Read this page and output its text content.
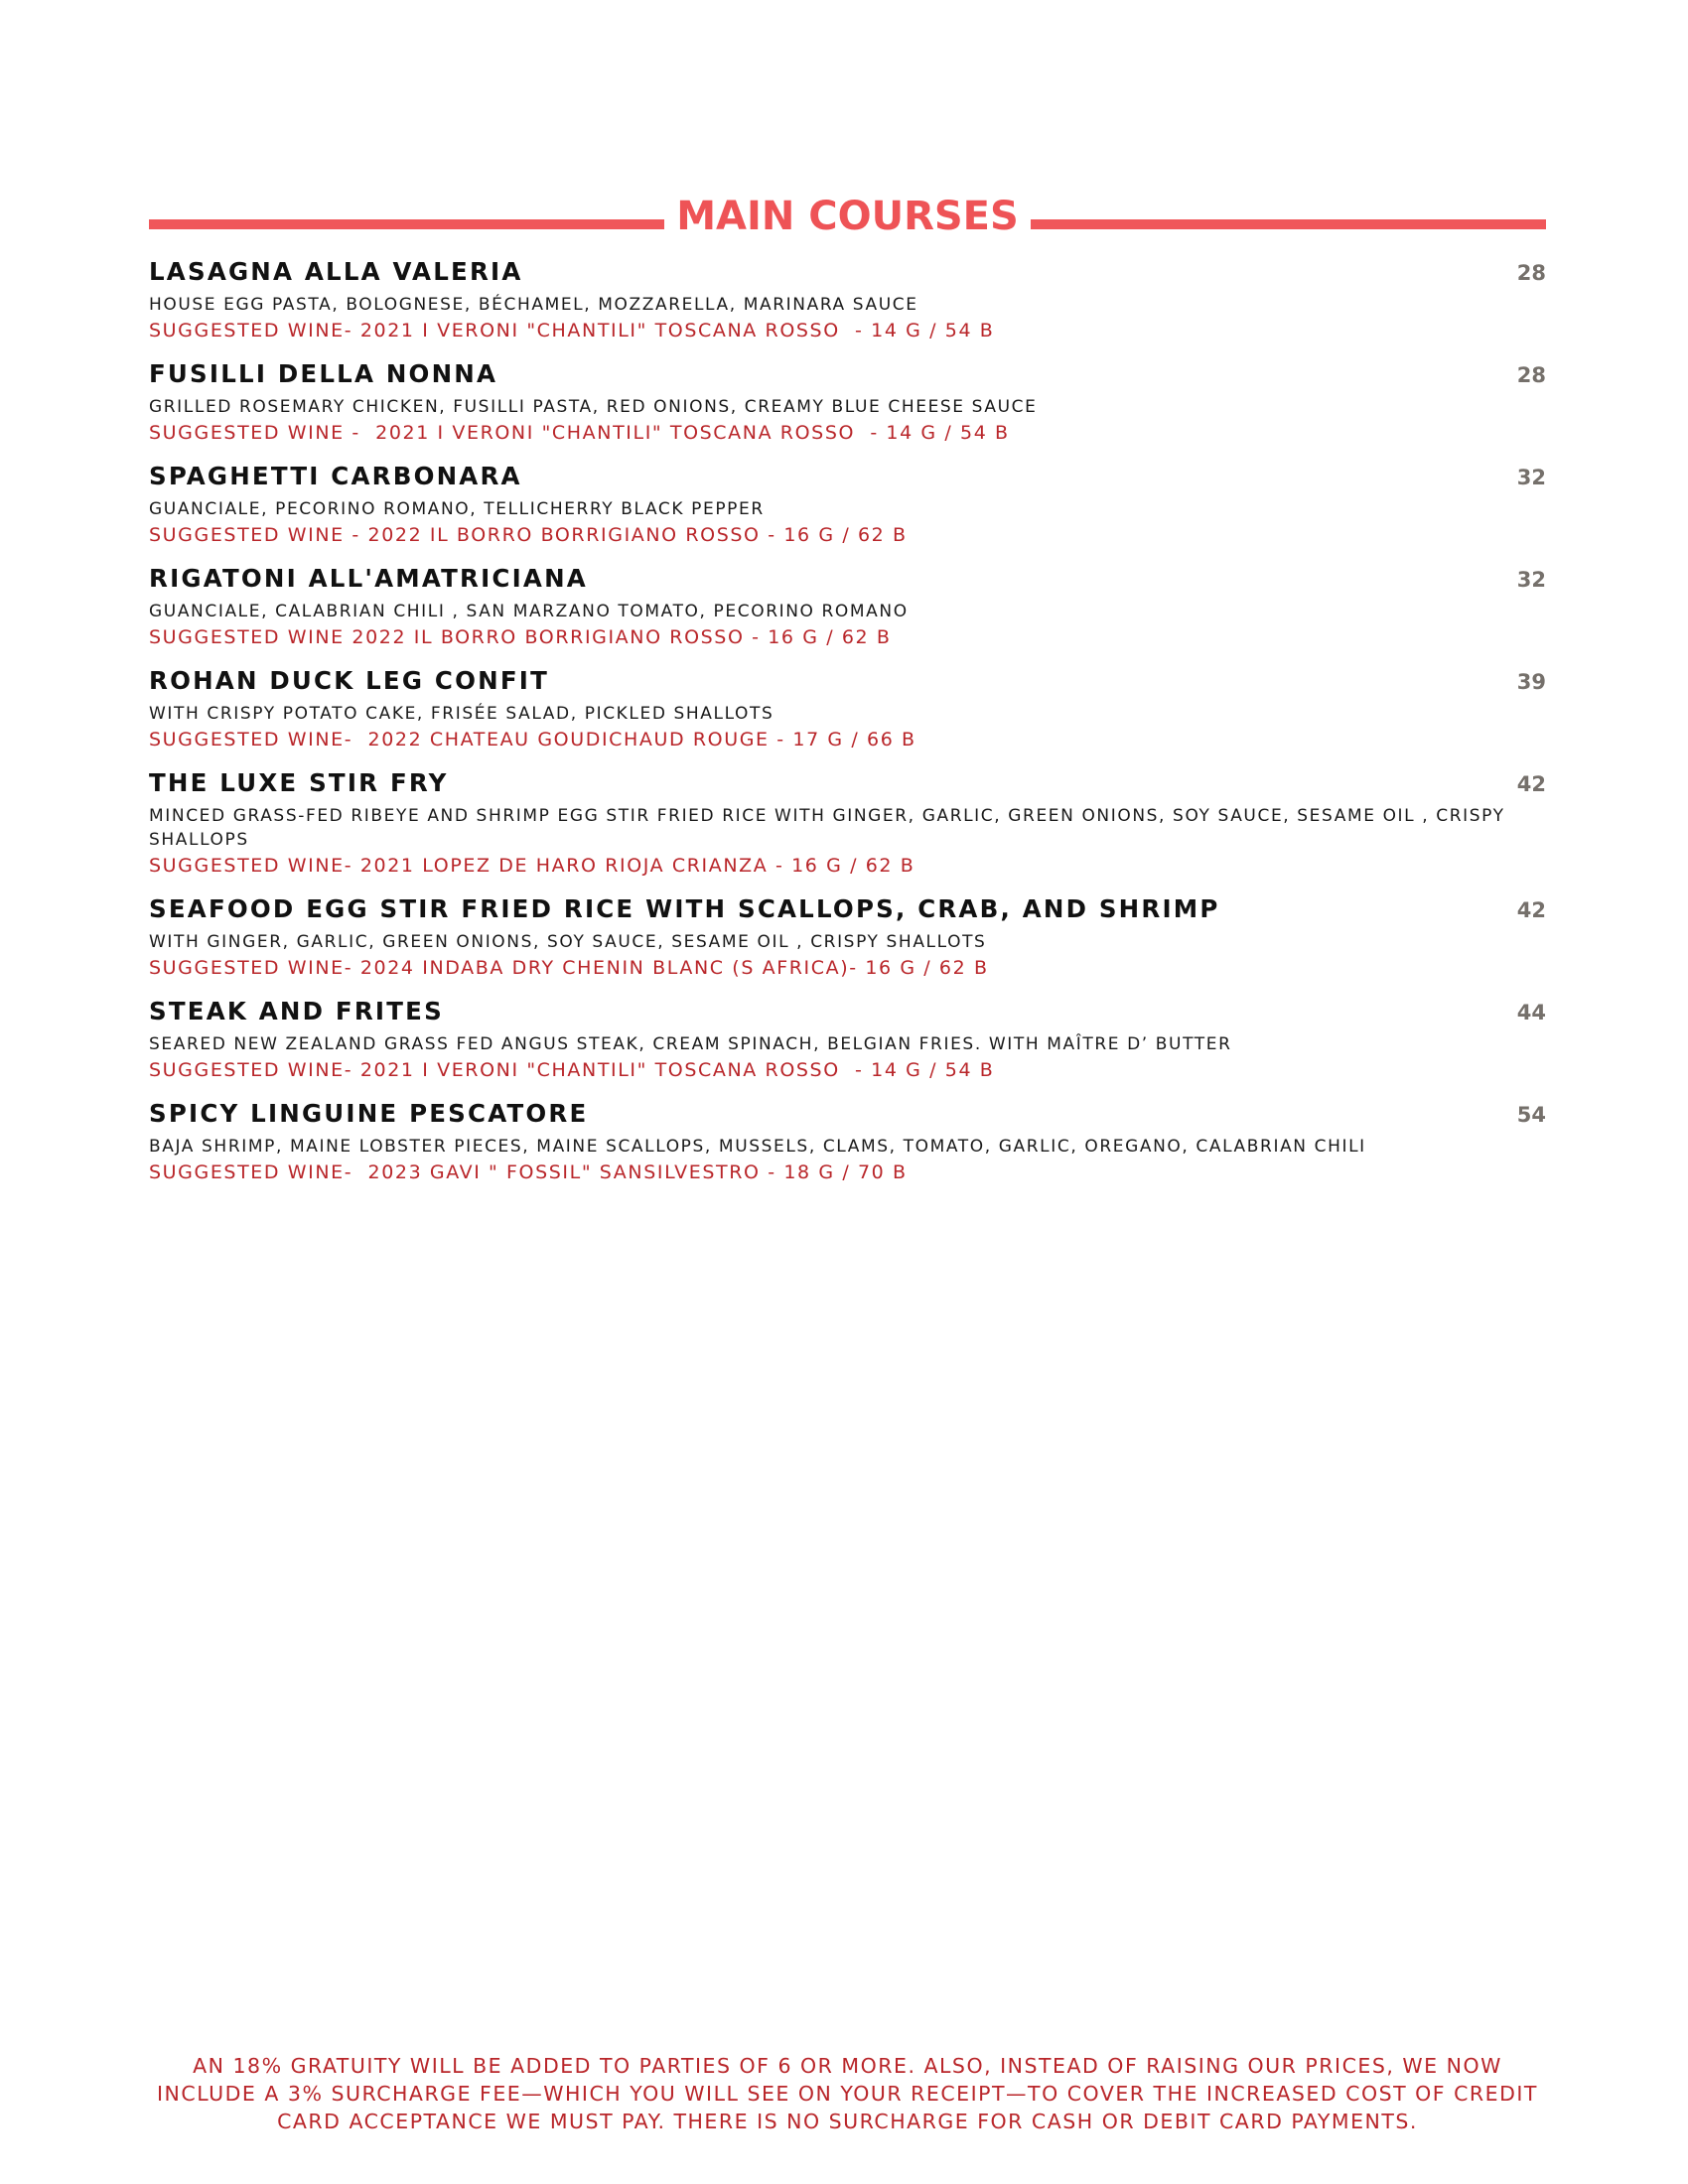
MAIN COURSES
LASAGNA ALLA VALERIA	28
HOUSE EGG PASTA, BOLOGNESE, BÉCHAMEL, MOZZARELLA, MARINARA SAUCE
SUGGESTED WINE- 2021 I VERONI "CHANTILI" TOSCANA ROSSO  - 14 G / 54 B
FUSILLI DELLA NONNA	28
GRILLED ROSEMARY CHICKEN, FUSILLI PASTA, RED ONIONS, CREAMY BLUE CHEESE SAUCE
SUGGESTED WINE -  2021 I VERONI "CHANTILI" TOSCANA ROSSO  - 14 G / 54 B
SPAGHETTI CARBONARA	32
GUANCIALE, PECORINO ROMANO, TELLICHERRY BLACK PEPPER
SUGGESTED WINE - 2022 IL BORRO BORRIGIANO ROSSO - 16 G / 62 B
RIGATONI ALL'AMATRICIANA	32
GUANCIALE, CALABRIAN CHILI , SAN MARZANO TOMATO, PECORINO ROMANO
SUGGESTED WINE 2022 IL BORRO BORRIGIANO ROSSO - 16 G / 62 B
ROHAN DUCK LEG CONFIT	39
WITH CRISPY POTATO CAKE, FRISÉE SALAD, PICKLED SHALLOTS
SUGGESTED WINE-  2022 CHATEAU GOUDICHAUD ROUGE - 17 G / 66 B
THE LUXE STIR FRY	42
MINCED GRASS-FED RIBEYE AND SHRIMP EGG STIR FRIED RICE WITH GINGER, GARLIC, GREEN ONIONS, SOY SAUCE, SESAME OIL , CRISPY SHALLOPS
SUGGESTED WINE- 2021 LOPEZ DE HARO RIOJA CRIANZA - 16 G / 62 B
SEAFOOD EGG STIR FRIED RICE WITH SCALLOPS, CRAB, AND SHRIMP	42
WITH GINGER, GARLIC, GREEN ONIONS, SOY SAUCE, SESAME OIL , CRISPY SHALLOTS
SUGGESTED WINE- 2024 INDABA DRY CHENIN BLANC (S AFRICA)- 16 G / 62 B
STEAK AND FRITES	44
SEARED NEW ZEALAND GRASS FED ANGUS STEAK, CREAM SPINACH, BELGIAN FRIES. WITH MAÎTRE D’ BUTTER
SUGGESTED WINE- 2021 I VERONI "CHANTILI" TOSCANA ROSSO  - 14 G / 54 B
SPICY LINGUINE PESCATORE	54
BAJA SHRIMP, MAINE LOBSTER PIECES, MAINE SCALLOPS, MUSSELS, CLAMS, TOMATO, GARLIC, OREGANO, CALABRIAN CHILI
SUGGESTED WINE-  2023 GAVI " FOSSIL" SANSILVESTRO - 18 G / 70 B
AN 18% GRATUITY WILL BE ADDED TO PARTIES OF 6 OR MORE. ALSO, INSTEAD OF RAISING OUR PRICES, WE NOW INCLUDE A 3% SURCHARGE FEE—WHICH YOU WILL SEE ON YOUR RECEIPT—TO COVER THE INCREASED COST OF CREDIT CARD ACCEPTANCE WE MUST PAY. THERE IS NO SURCHARGE FOR CASH OR DEBIT CARD PAYMENTS.
